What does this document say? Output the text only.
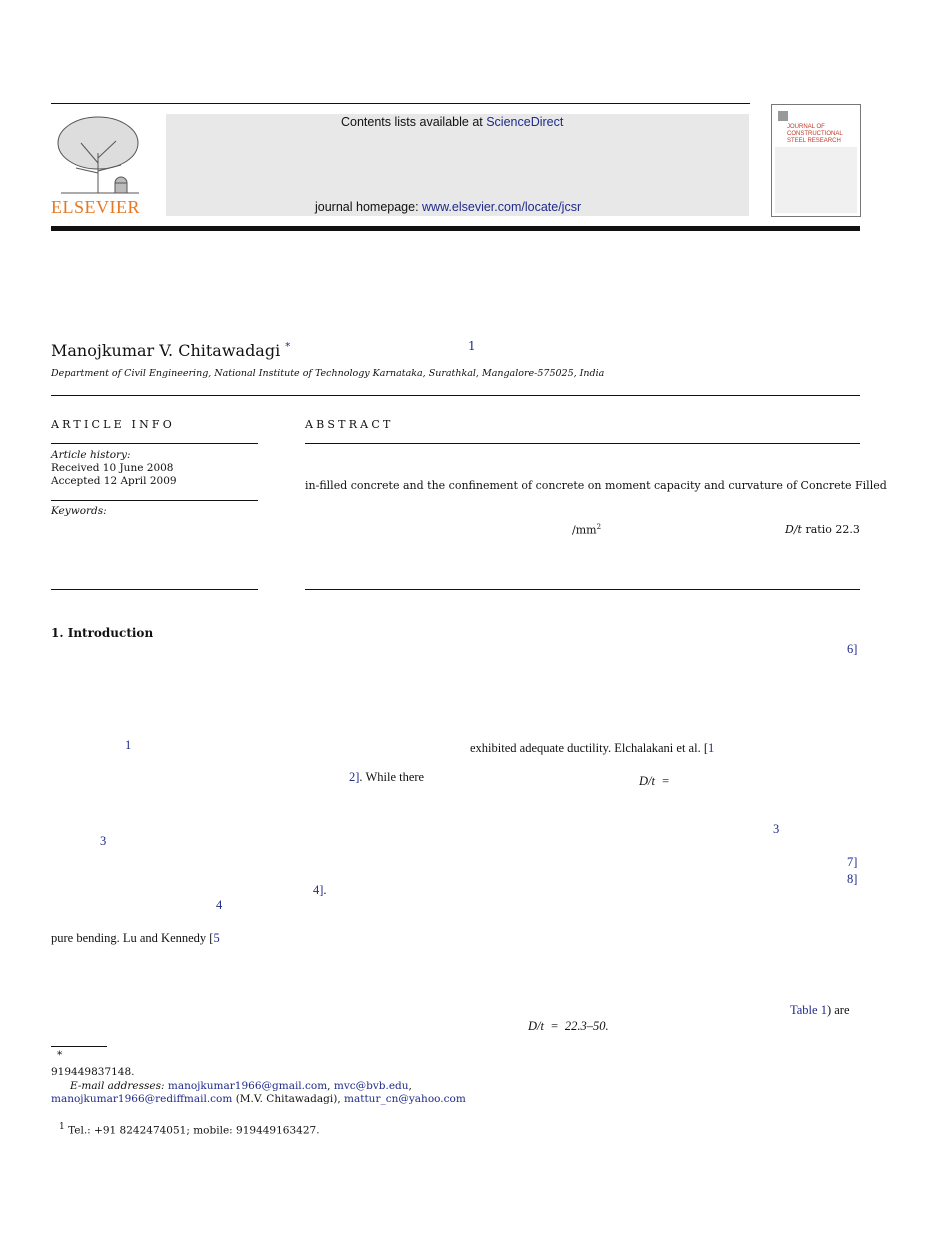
ELSEVIER
Contents lists available at ScienceDirect
journal homepage: www.elsevier.com/locate/jcsr
JOURNAL OF
CONSTRUCTIONAL
STEEL RESEARCH
Manojkumar V. Chitawadagi *	1
Department of Civil Engineering, National Institute of Technology Karnataka, Surathkal, Mangalore-575025, India
ARTICLE INFO
Article history:
Received 10 June 2008
Accepted 12 April 2009
Keywords:
ABSTRACT
in-filled concrete and the confinement of concrete on moment capacity and curvature of Concrete Filled
$/mm^2$	D/t ratio 22.3
1. Introduction
6]
1	exhibited adequate ductility. Elchalakani et al. [1
2]. While there	D/t  =
3
3
7]
8]
4].
4
pure bending. Lu and Kennedy [5
Table 1) are
D/t  =  22.3–50.
*
919449837148.
E-mail addresses: manojkumar1966@gmail.com, mvc@bvb.edu,
manojkumar1966@rediffmail.com (M.V. Chitawadagi), mattur_cn@yahoo.com
$^1$ Tel.: +91 8242474051; mobile: 919449163427.
